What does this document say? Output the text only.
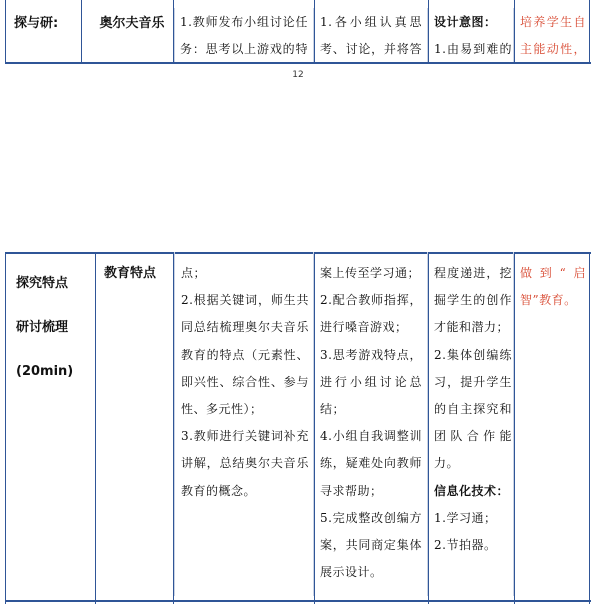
探与研:	奥尔夫音乐	1.教师发布小组讨论任
务：思考以上游戏的特
1.各小组认真思
考、讨论，并将答
设计意图：
1.由易到难的
培养学生自
主能动性，
12
探究特点
研讨梳理
(20min)
教育特点 点；
2.根据关键词，师生共
同总结梳理奥尔夫音乐
教育的特点（元素性、
即兴性、综合性、参与
性、多元性）；
3.教师进行关键词补充
讲解，总结奥尔夫音乐
教育的概念。
案上传至学习通；
2.配合教师指挥，
进行嗓音游戏；
3.思考游戏特点，
进行小组讨论总
结；
4.小组自我调整训
练，疑难处向教师
寻求帮助；
5.完成整改创编方
案，共同商定集体
展示设计。
程度递进，挖
掘学生的创作
才能和潜力；
2.集体创编练
习，提升学生
的自主探究和
团队合作能
力。
信息化技术：
1.学习通；
2.节拍器。
做到“启
智”教育。
